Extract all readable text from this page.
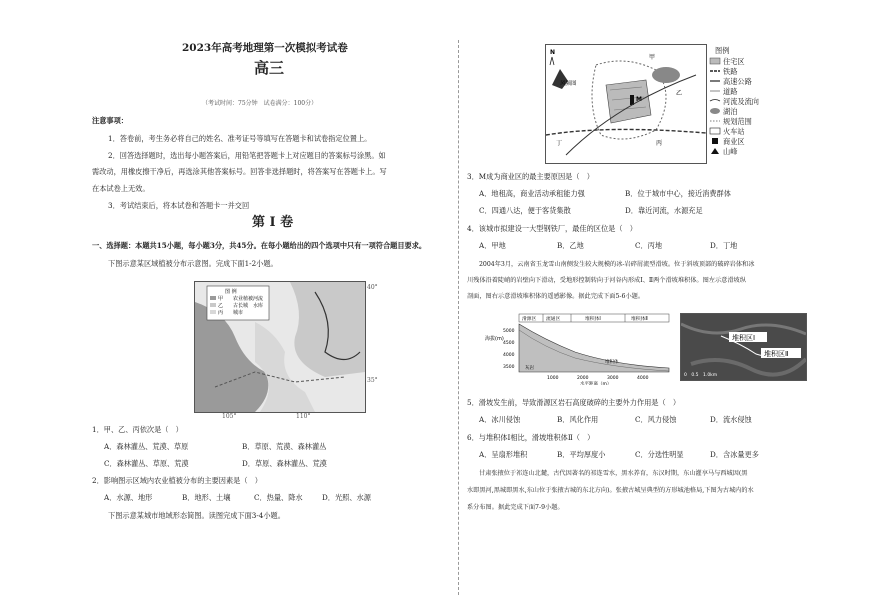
2023年高考地理第一次模拟考试卷
高三
（考试时间：75分钟　试卷满分：100分）
注意事项：
1．答卷前，考生务必将自己的姓名、准考证号等填写在答题卡和试卷指定位置上。
2．回答选择题时，选出每小题答案后，用铅笔把答题卡上对应题目的答案标号涂黑。如
需改动，用橡皮擦干净后，再选涂其他答案标号。回答非选择题时，将答案写在答题卡上。写
在本试卷上无效。
3．考试结束后，将本试卷和答题卡一并交回
第 Ⅰ 卷
一、选择题：本题共15小题，每小题3分，共45分。在每小题给出的四个选项中只有一项符合题目要求。
下图示意某区域植被分布示意图。完成下面1-2小题。
图 例
甲
乙
丙
农业植被
古长城
城市
河流
水库
40°
35°
105°	110°
1．甲、乙、丙依次是（　）
A．森林灌丛、荒漠、草原	B．草原、荒漠、森林灌丛
C．森林灌丛、草原、荒漠	D．草原、森林灌丛、荒漠
2．影响图示区域内农业植被分布的主要因素是（　）
A．水源、地形	B．地形、土壤	C．热量、降水	D．光照、水源
下图示意某城市地域形态简图。读图完成下面3-4小题。
N
风频图
M
甲
乙
丙
丁
图例
住宅区
铁路
高速公路
道路
河流及流向
湖泊
规划范围
火车站
商业区
山峰
3．M成为商业区的最主要原因是（　）
A．地租高，商业活动承租能力强	B．位于城市中心，接近消费群体
C．四通八达，便于客货集散	D．靠近河流，水源充足
4．该城市拟建设一大型钢铁厂，最佳的区位是（　）
A．甲地	B．乙地	C．丙地	D．丁地
2004年3月，云南省玉龙雪山南侧发生较大规模的冰-岩碎屑流型滑坡。位于斜坡顶部的破碎岩体和冰
川残体沿着陡峭的岩壁向下滑动，受地形控制转向于河谷内形成Ⅰ、Ⅱ两个滑坡堆积体。图左示意滑坡纵
剖面，图右示意滑坡堆积体的遥感影像。据此完成下面5-6小题。
滑源区 流通区	堆积体Ⅰ	堆积体Ⅱ
海拔(m)
5000
4500
4000
3500
堆积体
灰岩
1000	2000	3000	4000
水平距离（m）
堆积区Ⅰ
堆积区Ⅱ
0　0.5　1.0km
5．滑坡发生前，导致滑源区岩石高度破碎的主要外力作用是（　）
A．冰川侵蚀	B．风化作用	C．风力侵蚀	D．流水侵蚀
6．与堆积体Ⅰ相比，滑坡堆积体Ⅱ（　）
A．呈扇形堆积	B．平均厚度小	C．分选性明显	D．含冰量更多
甘肃张掖位于祁连山北麓，古代因著名的祁连雪水，黑水养育，东汉时期，东山灌享马与西城因(黑
水即黑河,黑城即黑水,东山位于张掖古城的东北方向)。张掖古城呈典型的方形城池格局,下图为古城内的水
系分布图。据此完成下面7-9小题。
